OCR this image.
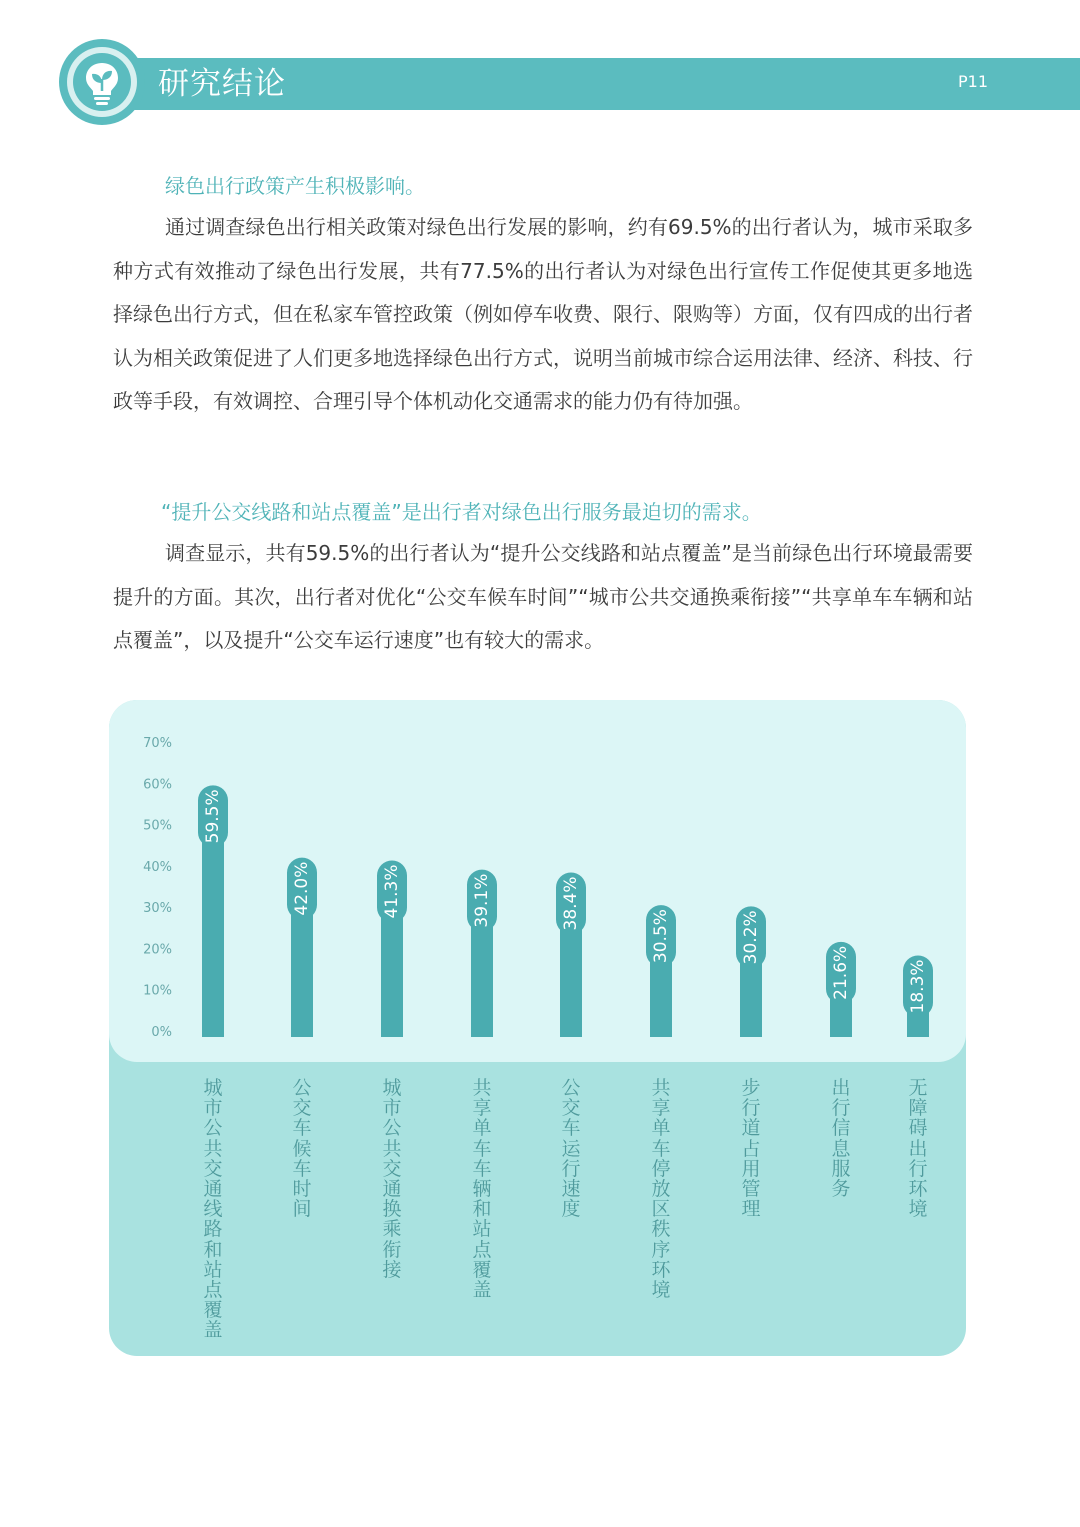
研究结论	P11
绿色出行政策产生积极影响。

通过调查绿色出行相关政策对绿色出行发展的影响，约有69.5%的出行者认为，城市采取多种方式有效推动了绿色出行发展，共有77.5%的出行者认为对绿色出行宣传工作促使其更多地选择绿色出行方式，但在私家车管控政策（例如停车收费、限行、限购等）方面，仅有四成的出行者认为相关政策促进了人们更多地选择绿色出行方式，说明当前城市综合运用法律、经济、科技、行政等手段，有效调控、合理引导个体机动化交通需求的能力仍有待加强。

“提升公交线路和站点覆盖”是出行者对绿色出行服务最迫切的需求。

调查显示，共有59.5%的出行者认为“提升公交线路和站点覆盖”是当前绿色出行环境最需要提升的方面。其次，出行者对优化“公交车候车时间”“城市公共交通换乘衔接”“共享单车车辆和站点覆盖”，以及提升“公交车运行速度”也有较大的需求。

0%
10%
20%
30%
40%
50%
60%
70%
59.5%
42.0%	41.3%	39.1%	38.4%
30.5%	30.2%
21.6%	18.3%
城市公共交通线路和站点覆盖
公交车候车时间
城市公共交通换乘衔接
共享单车车辆和站点覆盖
公交车运行速度
共享单车停放区秩序环境
步行道占用管理
出行信息服务
无障碍出行环境
